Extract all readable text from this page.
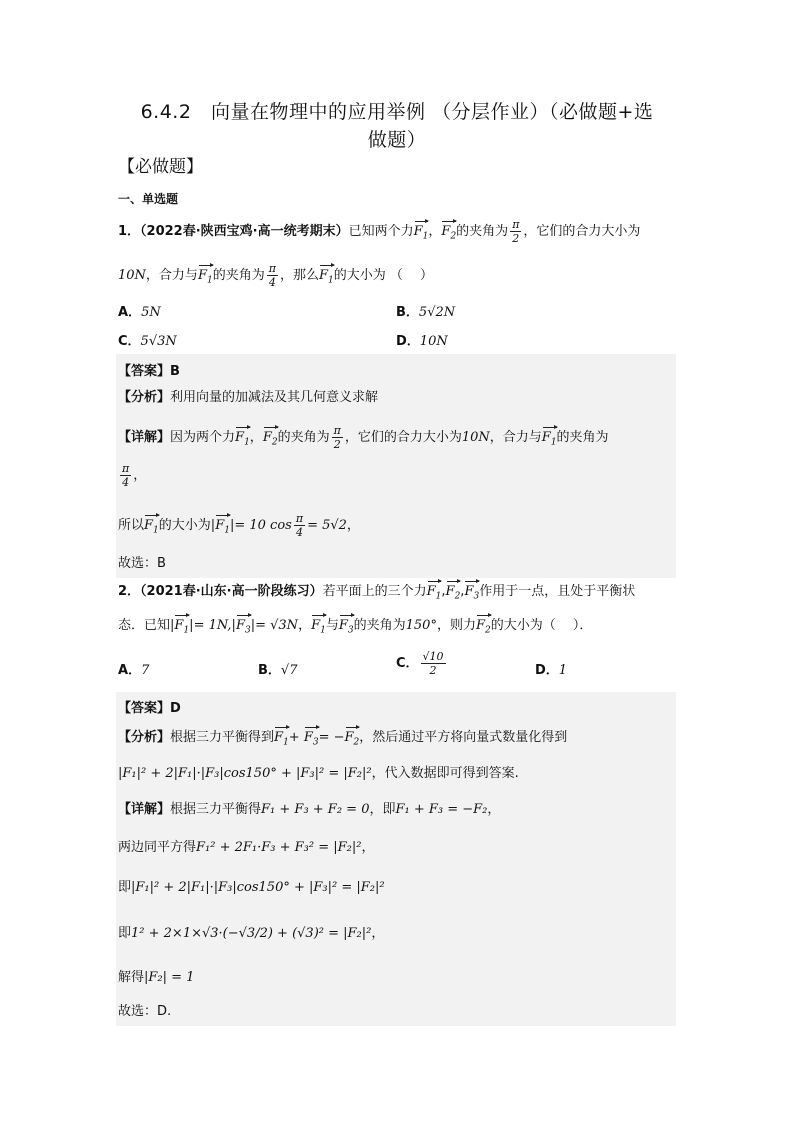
6.4.2　向量在物理中的应用举例 （分层作业）（必做题+选
做题）
【必做题】
一、单选题
1．（2022春·陕西宝鸡·高一统考期末）已知两个力$F_1$，$F_2$的夹角为 $\frac{\pi}{2}$ ，它们的合力大小为
10N，合力与$F_1$的夹角为 $\frac{\pi}{4}$ ，那么$F_1$的大小为 （　 ）
A．5N	B．5√2N
C．5√3N	D．10N
【答案】B
【分析】利用向量的加减法及其几何意义求解
【详解】因为两个力$F_1$，$F_2$的夹角为 $\frac{\pi}{2}$ ，它们的合力大小为10N，合力与$F_1$的夹角为
$\frac{\pi}{4}$ ，
所以$F_1$的大小为$|F_1|= 10$ $\cos \frac{\pi}{4} = 5√2$，
故选：B
2．（2021春·山东·高一阶段练习）若平面上的三个力$F_1,F_2,F_3$作用于一点，且处于平衡状
态．已知$|F_1|= 1N,|F_3|= √3N$，$F_1$与$F_3$的夹角为150°，则力$F_2$的大小为（　 ）．
A．7	B．√7	C． $\frac{√10}{2}$	D．1
【答案】D
【分析】根据三力平衡得到$F_1+ F_3= -F_2$，然后通过平方将向量式数量化得到
|F₁|² + 2|F₁|·|F₃|cos150° + |F₃|² = |F₂|²，代入数据即可得到答案.
【详解】根据三力平衡得F₁ + F₃ + F₂ = 0，即F₁ + F₃ = −F₂，
两边同平方得F₁² + 2F₁·F₃ + F₃² = |F₂|²，
即|F₁|² + 2|F₁|·|F₃|cos150° + |F₃|² = |F₂|²
即1² + 2×1×√3·(−√3/2) + (√3)² = |F₂|²，
解得|F₂| = 1
故选：D.
